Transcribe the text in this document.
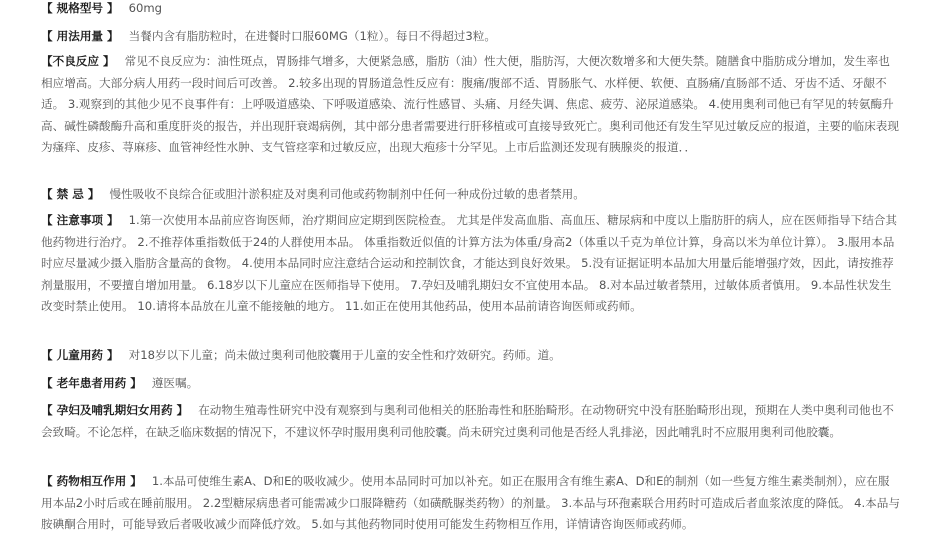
【 规格型号 】 60mg

【 用法用量 】 当餐内含有脂肪粒时，在进餐时口服60MG（1粒）。每日不得超过3粒。

【不良反应 】 常见不良反应为：油性斑点，胃肠排气增多，大便紧急感，脂肪（油）性大便，脂肪泻，大便次数增多和大便失禁。随膳食中脂肪成分增加，发生率也相应增高。大部分病人用药一段时间后可改善。 2.较多出现的胃肠道急性反应有：腹痛/腹部不适、胃肠胀气、水样便、软便、直肠痛/直肠部不适、牙齿不适、牙龈不适。 3.观察到的其他少见不良事件有：上呼吸道感染、下呼吸道感染、流行性感冒、头痛、月经失调、焦虑、疲劳、泌尿道感染。 4.使用奥利司他已有罕见的转氨酶升高、碱性磷酸酶升高和重度肝炎的报告，并出现肝衰竭病例，其中部分患者需要进行肝移植或可直接导致死亡。奥利司他还有发生罕见过敏反应的报道，主要的临床表现为瘙痒、皮疹、荨麻疹、血管神经性水肿、支气管痉挛和过敏反应，出现大疱疹十分罕见。上市后监测还发现有胰腺炎的报道．．

【 禁 忌 】 慢性吸收不良综合征或胆汁淤积症及对奥利司他或药物制剂中任何一种成份过敏的患者禁用。

【 注意事项 】 1.第一次使用本品前应咨询医师，治疗期间应定期到医院检查。 尤其是伴发高血脂、高血压、糖尿病和中度以上脂肪肝的病人，应在医师指导下结合其他药物进行治疗。 2.不推荐体重指数低于24的人群使用本品。 体重指数近似值的计算方法为体重/身高2（体重以千克为单位计算，身高以米为单位计算）。 3.服用本品时应尽量减少摄入脂肪含量高的食物。 4.使用本品同时应注意结合运动和控制饮食，才能达到良好效果。 5.没有证据证明本品加大用量后能增强疗效，因此，请按推荐剂量服用，不要擅自增加用量。 6.18岁以下儿童应在医师指导下使用。 7.孕妇及哺乳期妇女不宜使用本品。 8.对本品过敏者禁用，过敏体质者慎用。 9.本品性状发生改变时禁止使用。 10.请将本品放在儿童不能接触的地方。 11.如正在使用其他药品，使用本品前请咨询医师或药师。

【 儿童用药 】 对18岁以下儿童；尚未做过奥利司他胶囊用于儿童的安全性和疗效研究。药师。道。

【 老年患者用药 】 遵医嘱。

【 孕妇及哺乳期妇女用药 】 在动物生殖毒性研究中没有观察到与奥利司他相关的胚胎毒性和胚胎畸形。在动物研究中没有胚胎畸形出现，预期在人类中奥利司他也不会致畸。不论怎样，在缺乏临床数据的情况下，不建议怀孕时服用奥利司他胶囊。尚未研究过奥利司他是否经人乳排泌，因此哺乳时不应服用奥利司他胶囊。

【 药物相互作用 】 1.本品可使维生素A、D和E的吸收减少。使用本品同时可加以补充。如正在服用含有维生素A、D和E的制剂（如一些复方维生素类制剂），应在服用本品2小时后或在睡前服用。 2.2型糖尿病患者可能需减少口服降糖药（如磺酰脲类药物）的剂量。 3.本品与环孢素联合用药时可造成后者血浆浓度的降低。 4.本品与胺碘酮合用时，可能导致后者吸收减少而降低疗效。 5.如与其他药物同时使用可能发生药物相互作用，详情请咨询医师或药师。
